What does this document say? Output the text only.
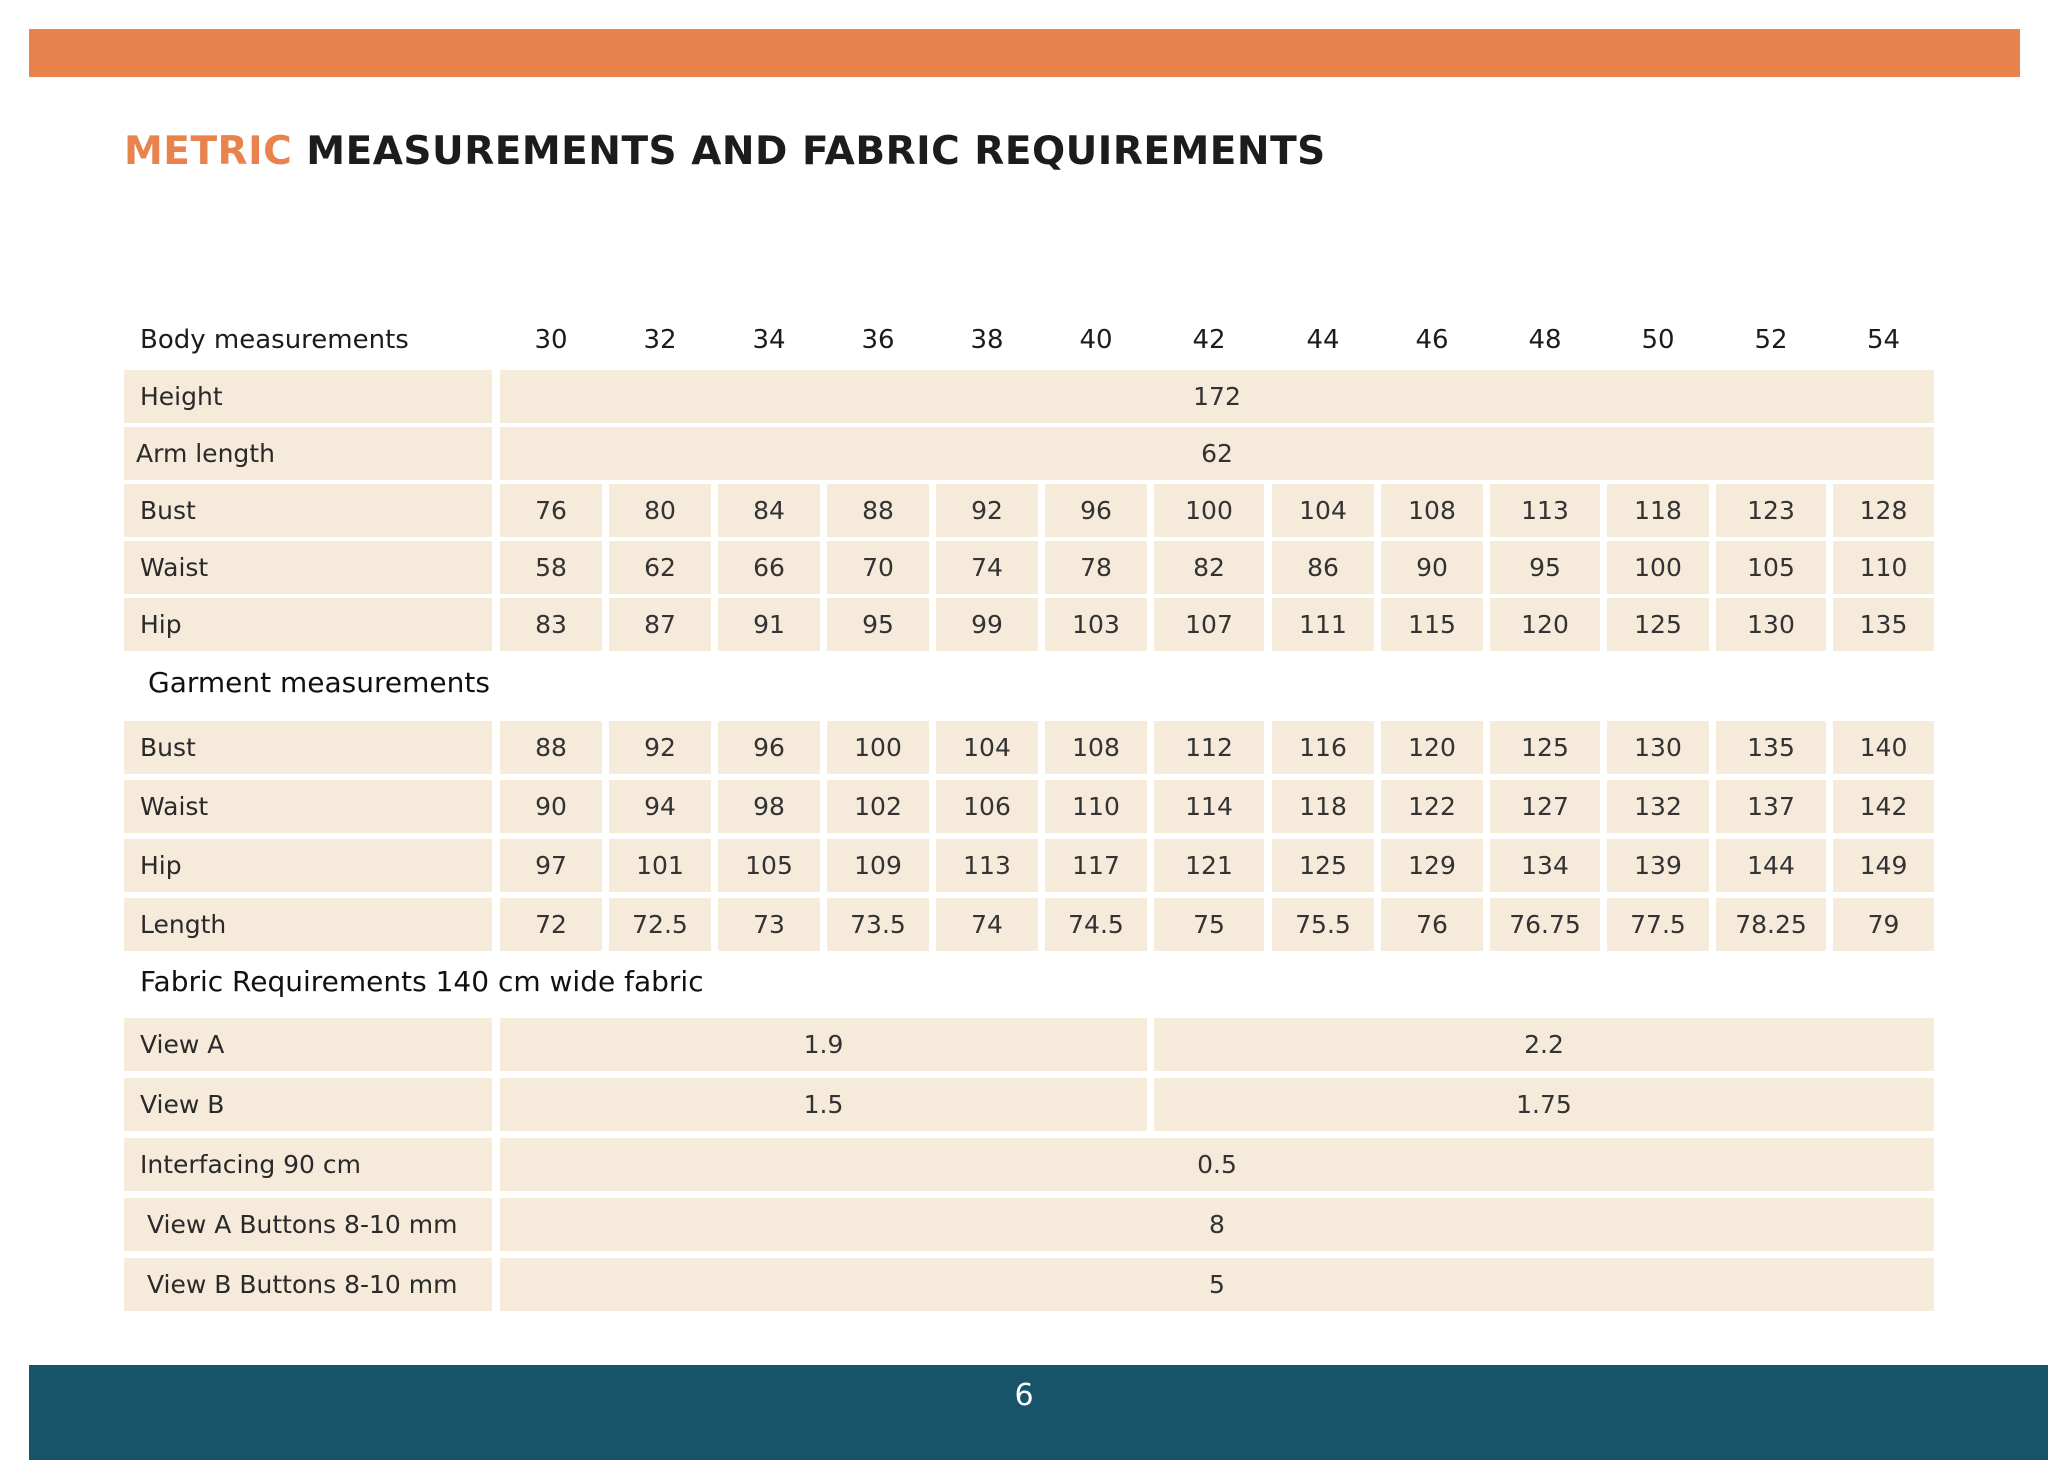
METRIC MEASUREMENTS AND FABRIC REQUIREMENTS
Body measurements	30	32	34	36	38	40	42	44	46	48	50	52	54
Height	172
Arm length	62
Bust	76	80	84	88	92	96	100	104	108	113	118	123	128
Waist	58	62	66	70	74	78	82	86	90	95	100	105	110
Hip	83	87	91	95	99	103	107	111	115	120	125	130	135
Garment measurements
Bust	88	92	96	100	104	108	112	116	120	125	130	135	140
Waist	90	94	98	102	106	110	114	118	122	127	132	137	142
Hip	97	101	105	109	113	117	121	125	129	134	139	144	149
Length	72	72.5	73	73.5	74	74.5	75	75.5	76	76.75	77.5	78.25	79
Fabric Requirements 140 cm wide fabric
View A	1.9	2.2
View B	1.5	1.75
Interfacing 90 cm	0.5
View A Buttons 8-10 mm	8
View B Buttons 8-10 mm	5
6
